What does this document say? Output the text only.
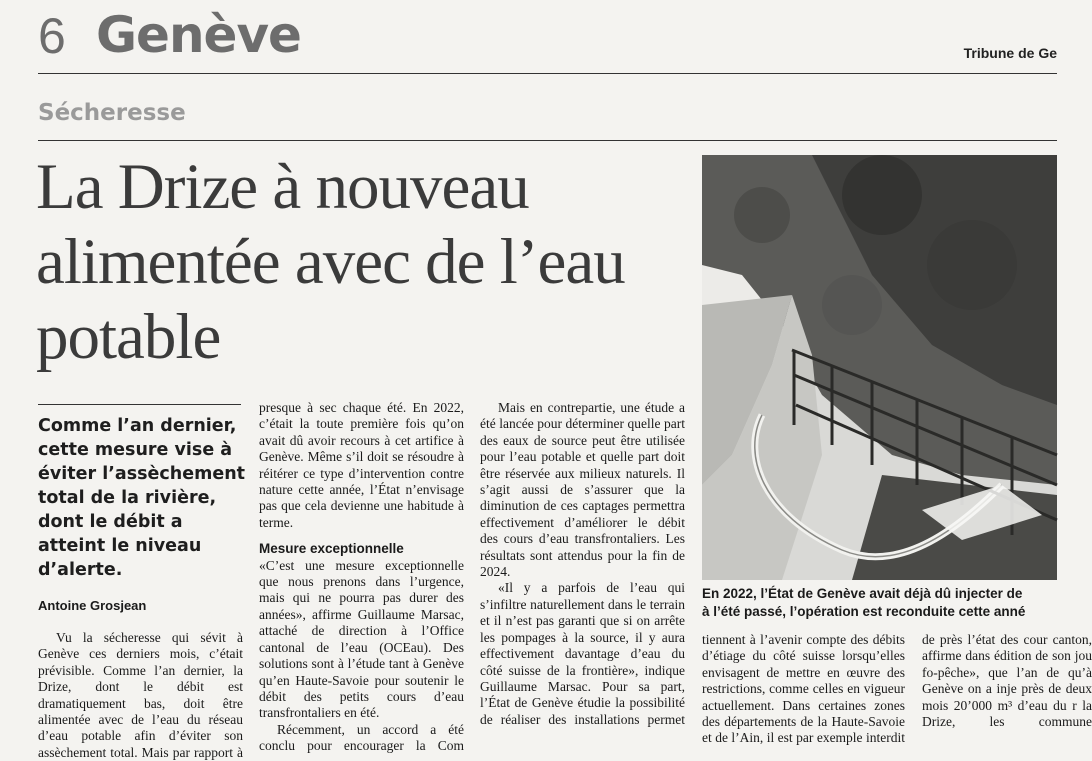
6 Genève	Tribune de Ge
Sécheresse
La Drize à nouveau alimentée avec de l’eau potable
En 2022, l’État de Genève avait déjà dû injecter de
à l’été passé, l’opération est reconduite cette anné
Comme l’an dernier, cette mesure vise à éviter l’assèchement total de la rivière, dont le débit a atteint le niveau d’alerte.
Antoine Grosjean

Vu la sécheresse qui sévit à Genève ces derniers mois, c’était prévisible. Comme l’an dernier, la Drize, dont le débit est dramatiquement bas, doit être alimentée avec de l’eau du réseau d’eau potable afin d’éviter son assèchement total. Mais par rapport à

presque à sec chaque été. En 2022, c’était la toute première fois qu’on avait dû avoir recours à cet artifice à Genève. Même s’il doit se résoudre à réitérer ce type d’intervention contre nature cette année, l’État n’envisage pas que cela devienne une habitude à terme.

Mesure exceptionnelle

«C’est une mesure exceptionnelle que nous prenons dans l’urgence, mais qui ne pourra pas durer des années», affirme Guillaume Marsac, attaché de direction à l’Office cantonal de l’eau (OCEau). Des solutions sont à l’étude tant à Genève qu’en Haute-Savoie pour soutenir le débit des petits cours d’eau transfrontaliers en été.

Récemment, un accord a été conclu pour encourager la Com

Mais en contrepartie, une étude a été lancée pour déterminer quelle part des eaux de source peut être utilisée pour l’eau potable et quelle part doit être réservée aux milieux naturels. Il s’agit aussi de s’assurer que la diminution de ces captages permettra effectivement d’améliorer le débit des cours d’eau transfrontaliers. Les résultats sont attendus pour la fin de 2024.

«Il y a parfois de l’eau qui s’infiltre naturellement dans le terrain et il n’est pas garanti que si on arrête les pompages à la source, il y aura effectivement davantage d’eau du côté suisse de la frontière», indique Guillaume Marsac. Pour sa part, l’État de Genève étudie la possibilité de réaliser des installations permet

tiennent à l’avenir compte des débits d’étiage du côté suisse lorsqu’elles envisagent de mettre en œuvre des restrictions, comme celles en vigueur actuellement. Dans certaines zones des départements de la Haute-Savoie et de l’Ain, il est par exemple interdit

de près l’état des cour canton, affirme dans édition de son jou fo-pêche», que l’an de qu’à Genève on a inje près de deux mois 20’000 m³ d’eau du r la Drize, les commune
